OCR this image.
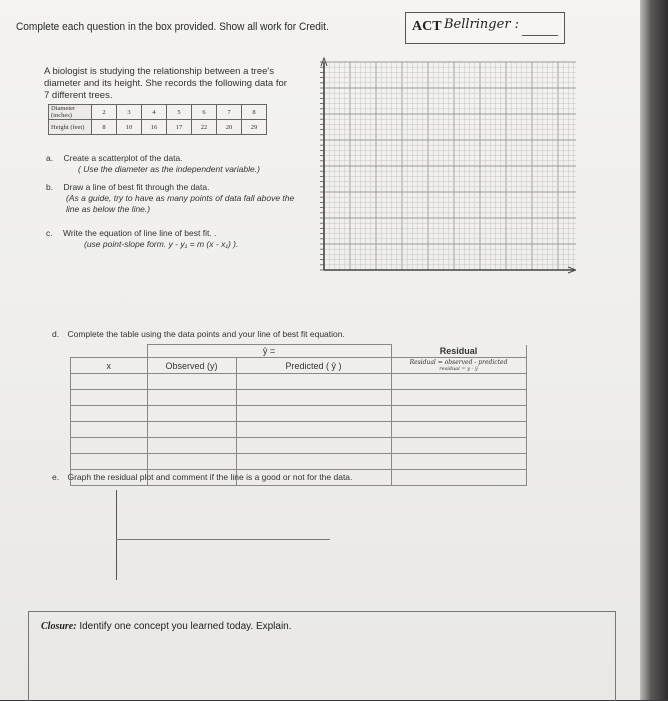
Complete each question in the box provided. Show all work for Credit.	ACT Bellringer :
A biologist is studying the relationship between a tree's diameter and its height. She records the following data for 7 different trees.
Diameter (inches)	2	3	4	5	6	7	8
Height (feet)	8	10	16	17	22	20	29
a. Create a scatterplot of the data.
( Use the diameter as the independent variable.)
b. Draw a line of best fit through the data.
(As a guide, try to have as many points of data fall above the line as below the line.)
c. Write the equation of line line of best fit. .
(use point-slope form. y - y₁ = m (x - x₁) ).
d. Complete the table using the data points and your line of best fit equation.
	ŷ =		Residual
x	Observed (y)	Predicted ( ŷ )	Residual = observed - predicted
residual = y - ŷ

e. Graph the residual plot and comment if the line is a good or not for the data.
Closure: Identify one concept you learned today. Explain.
